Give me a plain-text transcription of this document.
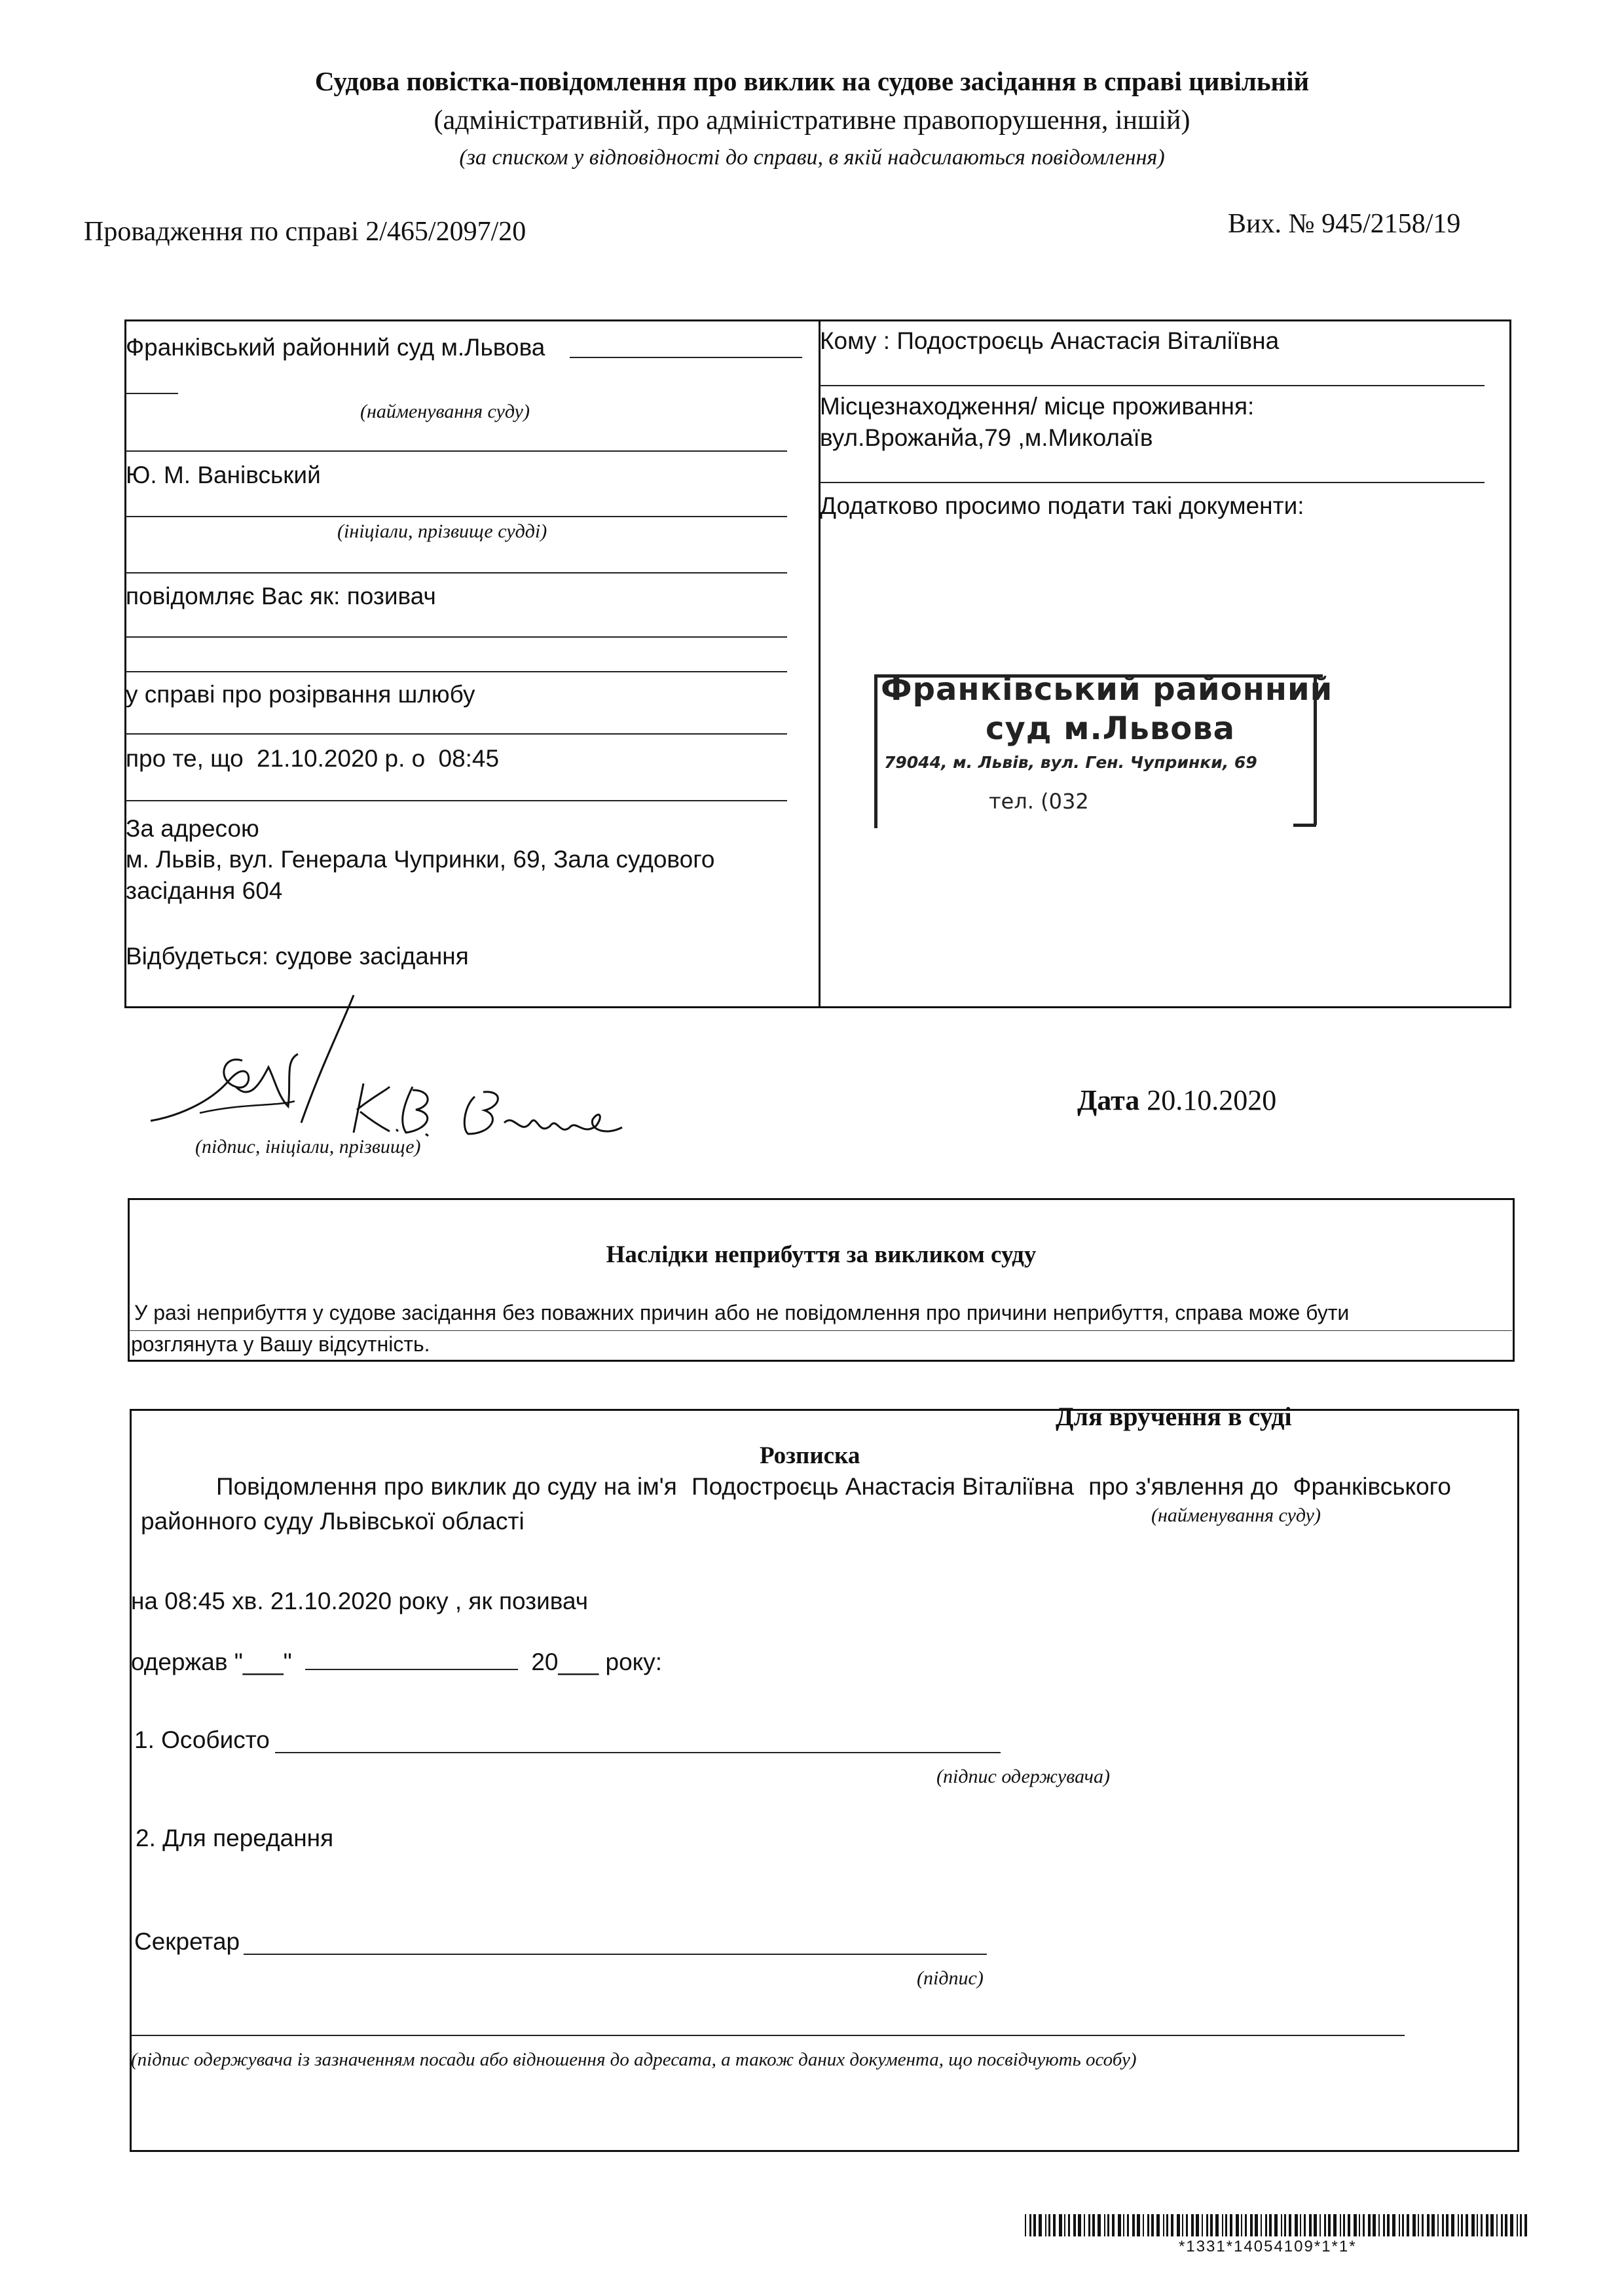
Судова повістка-повідомлення про виклик на судове засідання в справі цивільній
(адміністративній, про адміністративне правопорушення, іншій)
(за списком у відповідності до справи, в якій надсилаються повідомлення)
Провадження по справі 2/465/2097/20	Вих. № 945/2158/19
Франківський районний суд м.Львова
(найменування суду)
Ю. М. Ванівський
(ініціали, прізвище судді)
повідомляє Вас як: позивач
у справі про розірвання шлюбу
про те, що 21.10.2020 р. о 08:45
За адресою
м. Львів, вул. Генерала Чупринки, 69, Зала судового
засідання 604
Відбудеться: судове засідання
Кому : Подостроєць Анастасія Віталіївна
Місцезнаходження/ місце проживання:
вул.Врожанйа,79 ,м.Миколаїв
Додатково просимо подати такі документи:
Франківський районний
суд м.Львова
79044, м. Львів, вул. Ген. Чупринки, 69
тел. (032
(підпис, ініціали, прізвище)
Дата 20.10.2020
Наслідки неприбуття за викликом суду
У разі неприбуття у судове засідання без поважних причин або не повідомлення про причини неприбуття, справа може бути
розглянута у Вашу відсутність.
Для вручення в суді
Розписка
Повідомлення про виклик до суду на ім'я Подостроєць Анастасія Віталіївна про з'явлення до Франківського
районного суду Львівської області	(найменування суду)
на 08:45 хв. 21.10.2020 року , як позивач
одержав "___"	20___ року:
1. Особисто
(підпис одержувача)
2. Для передання
Секретар
(підпис)
(підпис одержувача із зазначенням посади або відношення до адресата, а також даних документа, що посвідчують особу)
*1331*14054109*1*1*
